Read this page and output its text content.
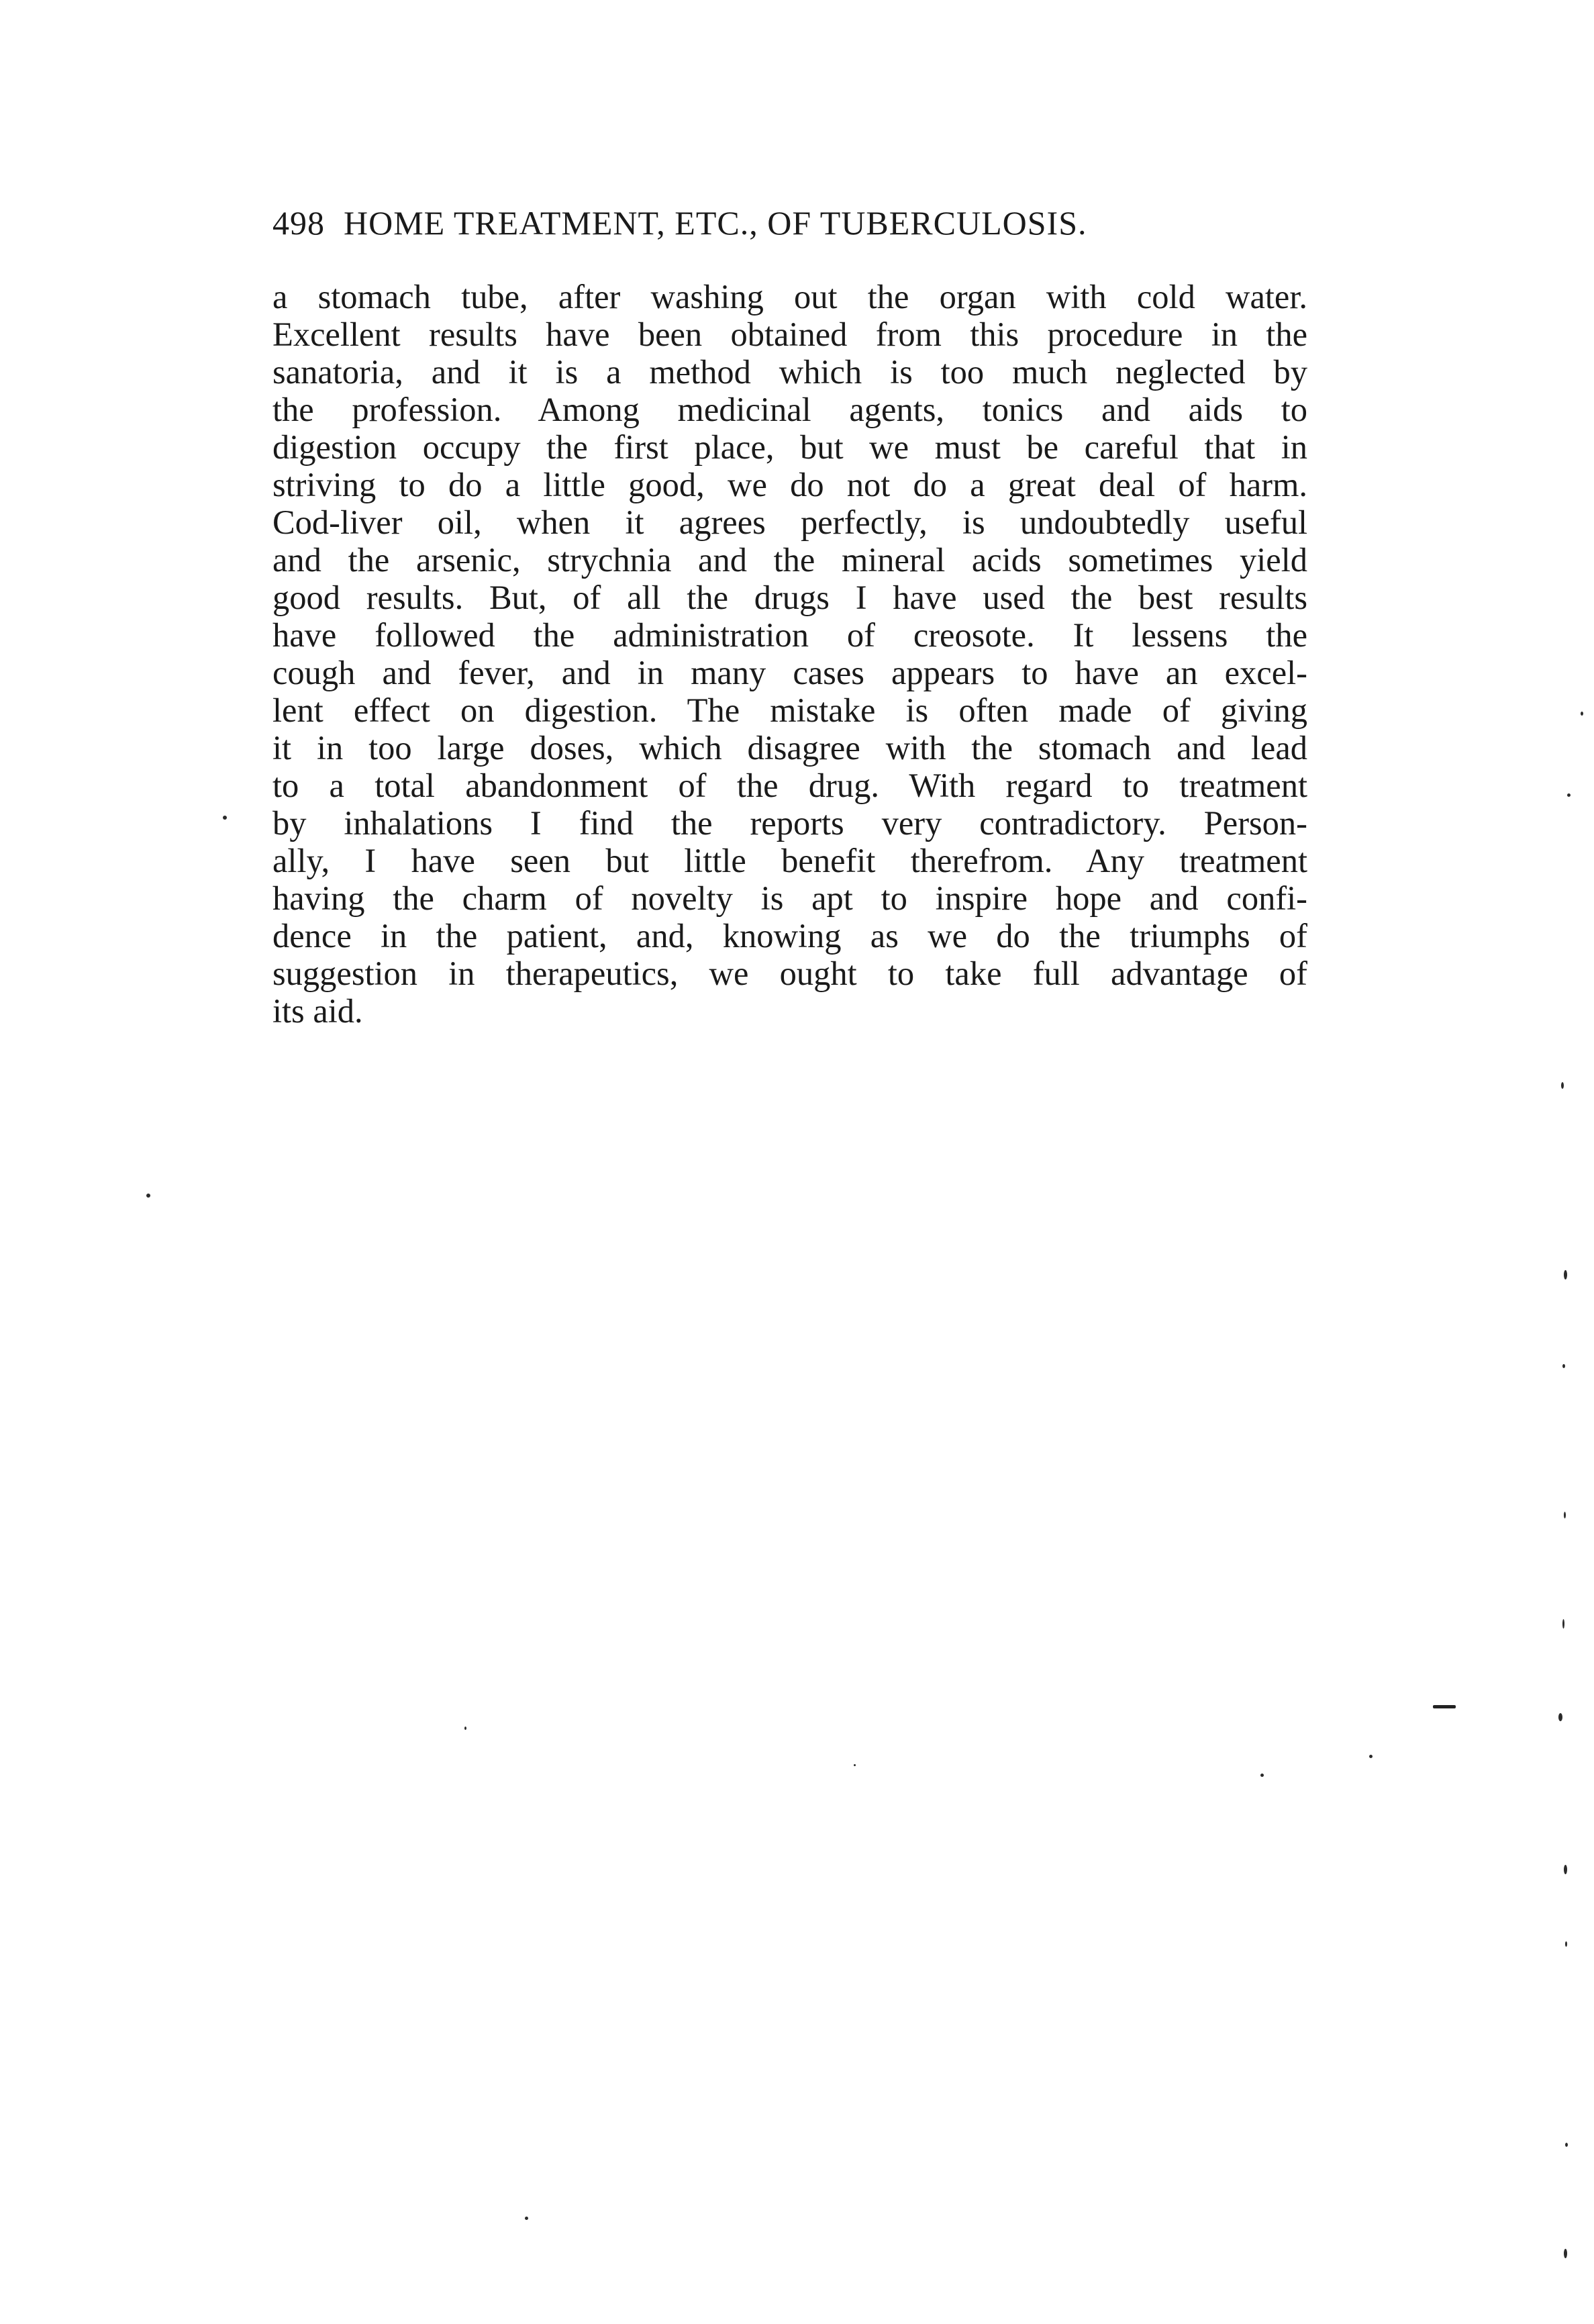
498 HOME TREATMENT, ETC., OF TUBERCULOSIS.
a stomach tube, after washing out the organ with cold water.
Excellent results have been obtained from this procedure in the
sanatoria, and it is a method which is too much neglected by
the profession. Among medicinal agents, tonics and aids to
digestion occupy the first place, but we must be careful that in
striving to do a little good, we do not do a great deal of harm.
Cod-liver oil, when it agrees perfectly, is undoubtedly useful
and the arsenic, strychnia and the mineral acids sometimes yield
good results. But, of all the drugs I have used the best results
have followed the administration of creosote. It lessens the
cough and fever, and in many cases appears to have an excel-
lent effect on digestion. The mistake is often made of giving
it in too large doses, which disagree with the stomach and lead
to a total abandonment of the drug. With regard to treatment
by inhalations I find the reports very contradictory. Person-
ally, I have seen but little benefit therefrom. Any treatment
having the charm of novelty is apt to inspire hope and confi-
dence in the patient, and, knowing as we do the triumphs of
suggestion in therapeutics, we ought to take full advantage of
its aid.
